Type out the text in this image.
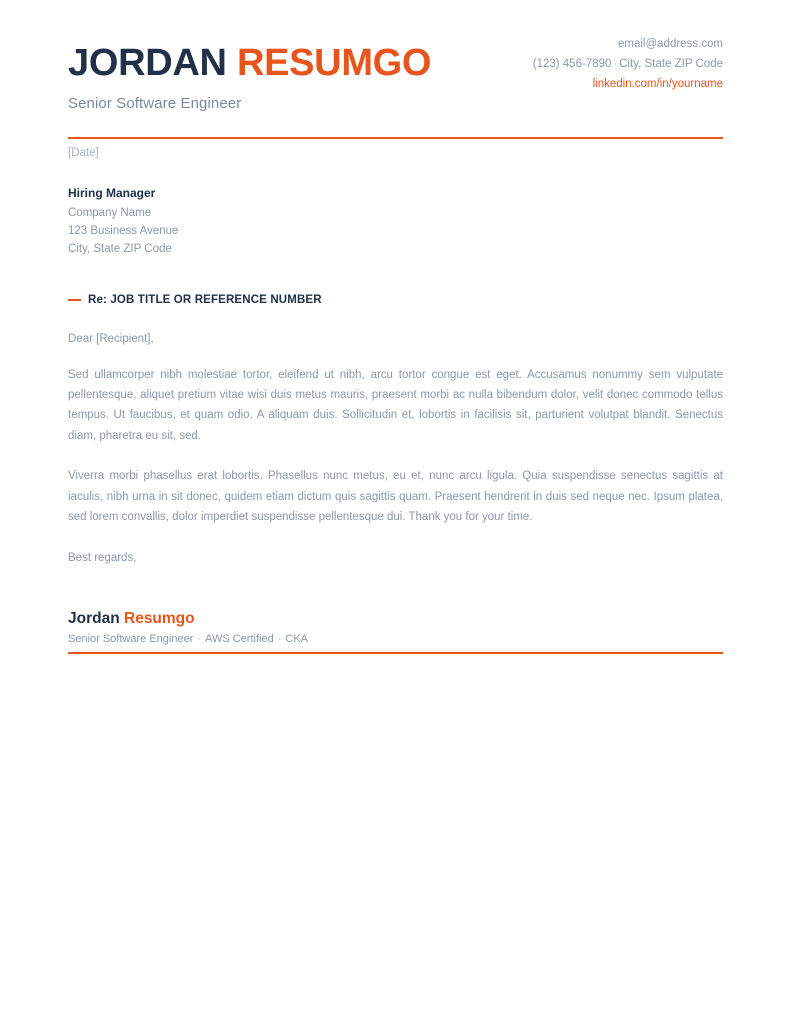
JORDAN RESUMGO
Senior Software Engineer
email@address.com
(123) 456-7890 · City, State ZIP Code
linkedin.com/in/yourname
[Date]
Hiring Manager
Company Name
123 Business Avenue
City, State ZIP Code
Re: JOB TITLE OR REFERENCE NUMBER
Dear [Recipient],
Sed ullamcorper nibh molestiae tortor, eleifend ut nibh, arcu tortor congue est eget. Accusamus nonummy sem vulputate pellentesque, aliquet pretium vitae wisi duis metus mauris, praesent morbi ac nulla bibendum dolor, velit donec commodo tellus tempus. Ut faucibus, et quam odio. A aliquam duis. Sollicitudin et, lobortis in facilisis sit, parturient volutpat blandit. Senectus diam, pharetra eu sit, sed.
Viverra morbi phasellus erat lobortis. Phasellus nunc metus, eu et, nunc arcu ligula. Quia suspendisse senectus sagittis at iaculis, nibh urna in sit donec, quidem etiam dictum quis sagittis quam. Praesent hendrerit in duis sed neque nec. Ipsum platea, sed lorem convallis, dolor imperdiet suspendisse pellentesque dui. Thank you for your time.
Best regards,
Jordan Resumgo
Senior Software Engineer · AWS Certified · CKA
